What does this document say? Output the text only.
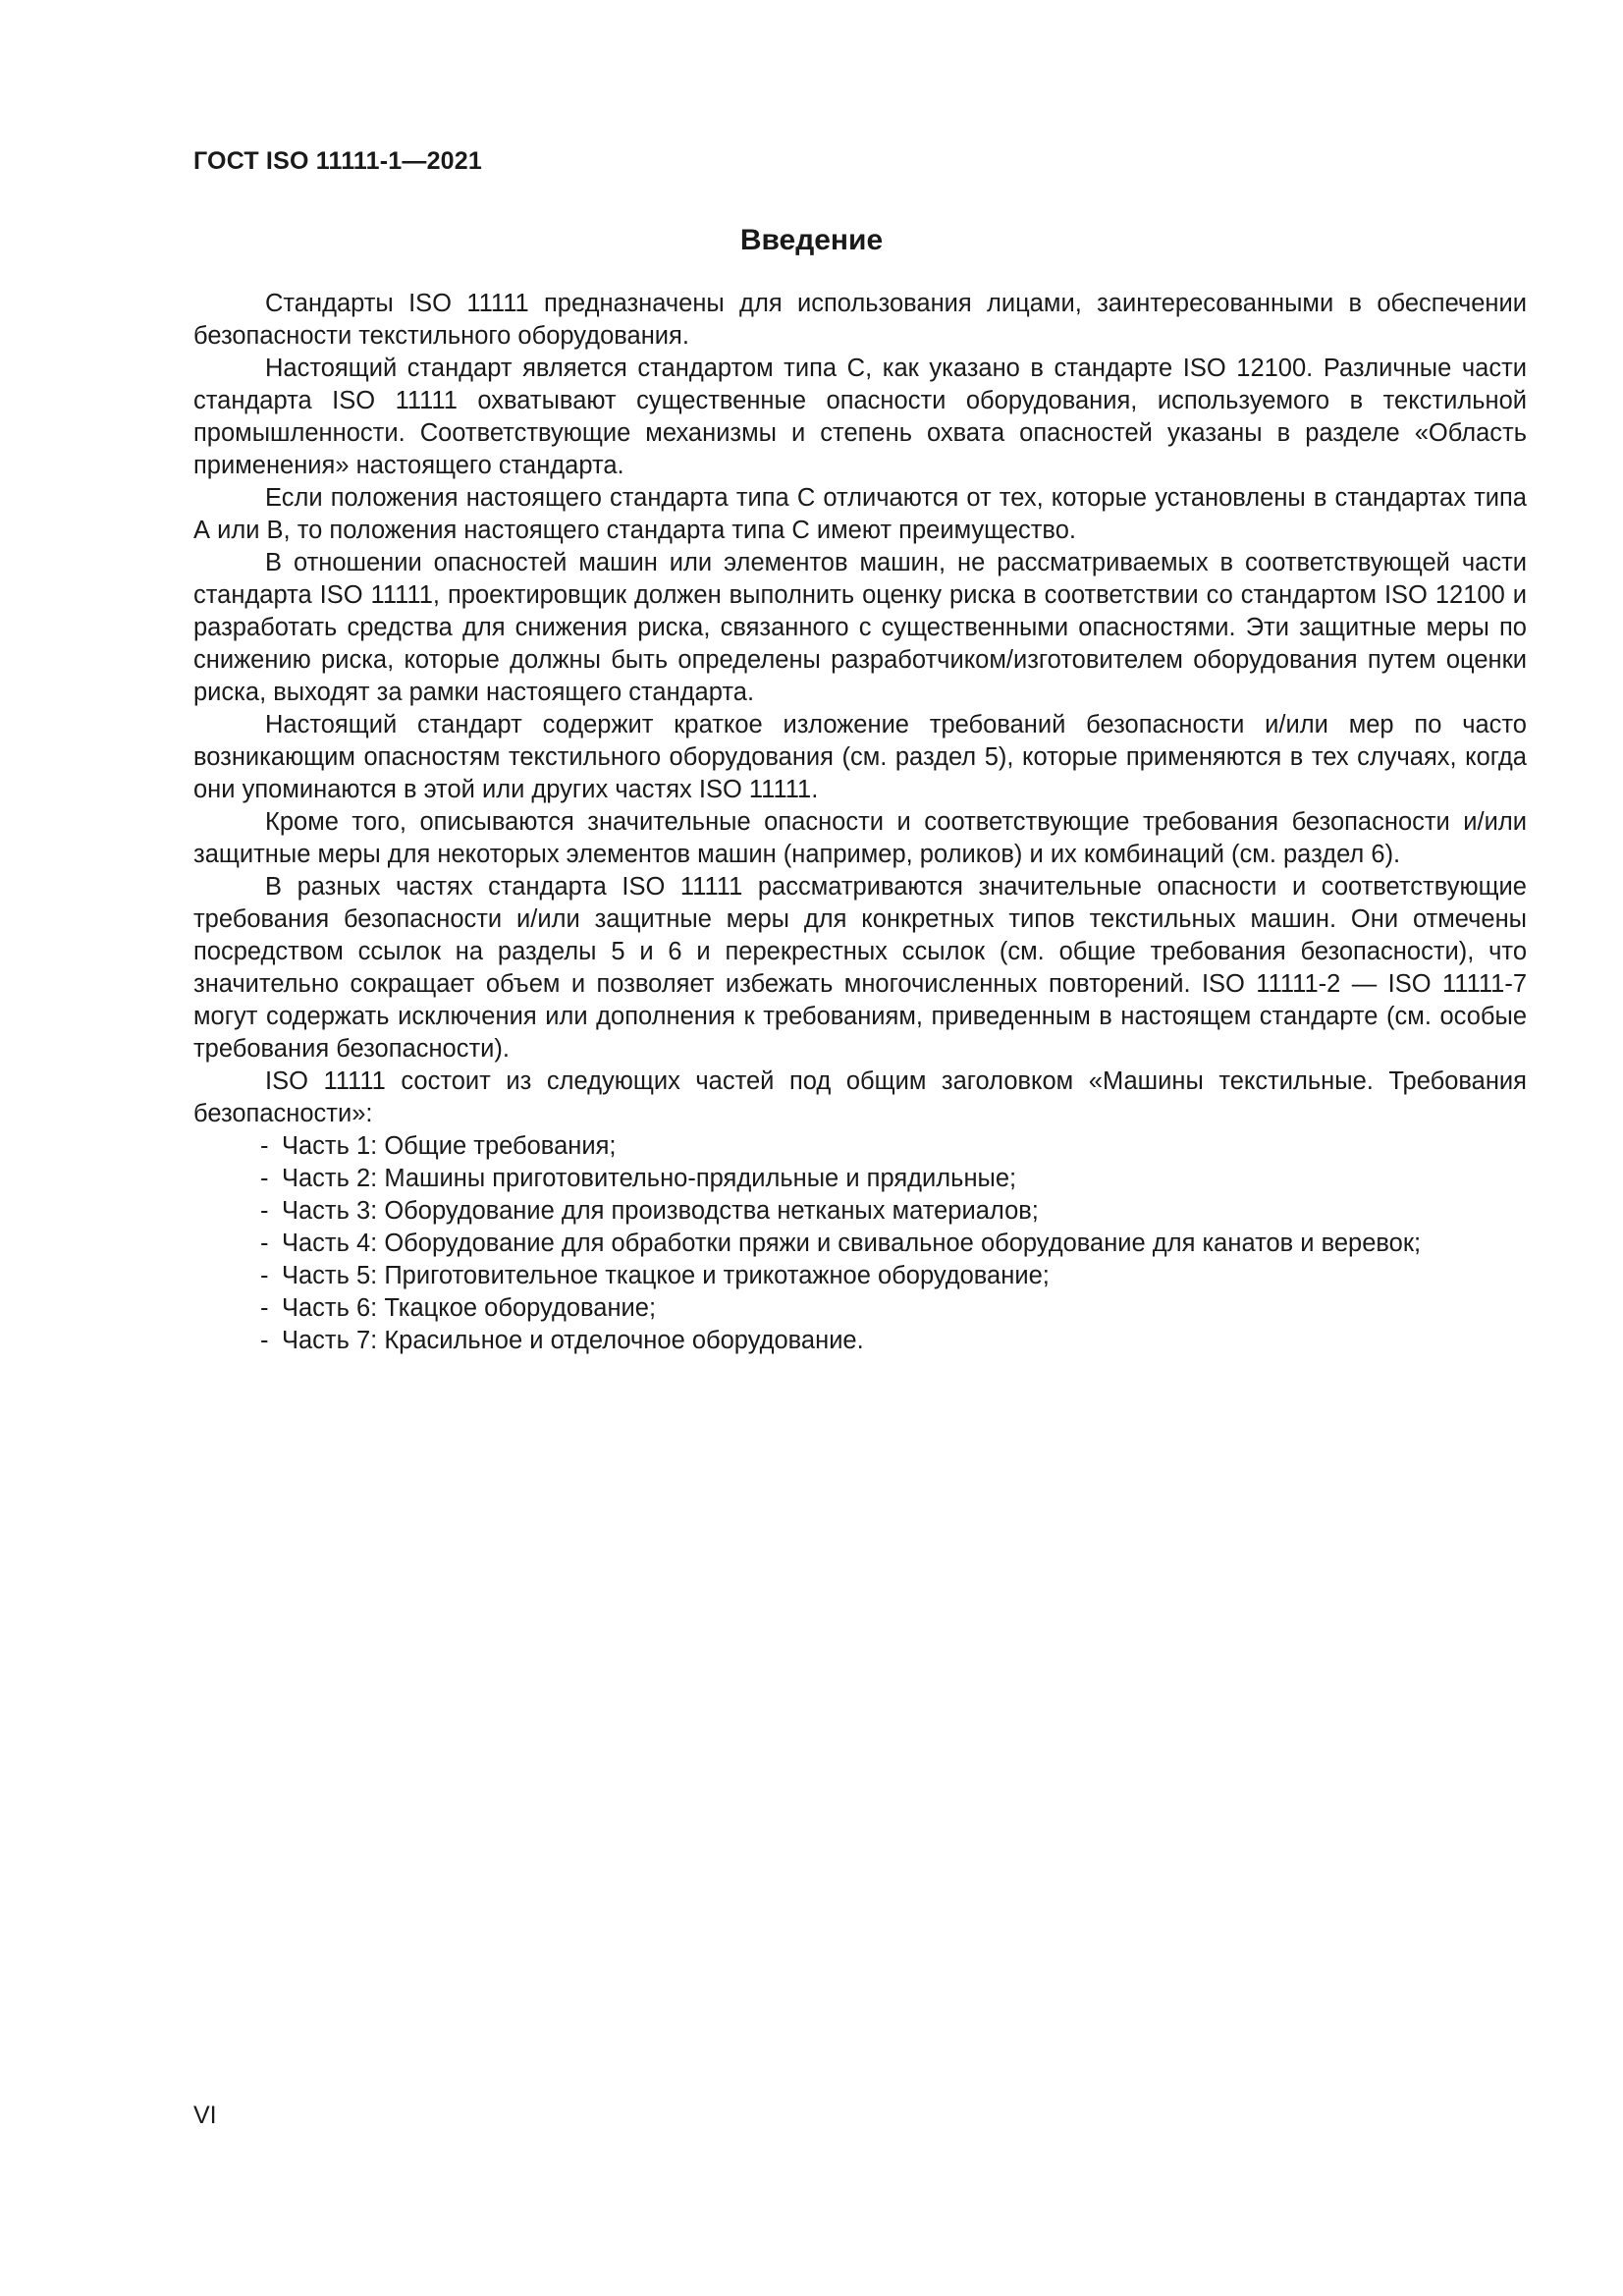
ГОСТ ISO 11111-1—2021
Введение

Стандарты ISO 11111 предназначены для использования лицами, заинтересованными в обеспечении безопасности текстильного оборудования.

Настоящий стандарт является стандартом типа С, как указано в стандарте ISO 12100. Различные части стандарта ISO 11111 охватывают существенные опасности оборудования, используемого в текстильной промышленности. Соответствующие механизмы и степень охвата опасностей указаны в разделе «Область применения» настоящего стандарта.

Если положения настоящего стандарта типа С отличаются от тех, которые установлены в стандартах типа А или В, то положения настоящего стандарта типа С имеют преимущество.

В отношении опасностей машин или элементов машин, не рассматриваемых в соответствующей части стандарта ISO 11111, проектировщик должен выполнить оценку риска в соответствии со стандартом ISO 12100 и разработать средства для снижения риска, связанного с существенными опасностями. Эти защитные меры по снижению риска, которые должны быть определены разработчиком/изготовителем оборудования путем оценки риска, выходят за рамки настоящего стандарта.

Настоящий стандарт содержит краткое изложение требований безопасности и/или мер по часто возникающим опасностям текстильного оборудования (см. раздел 5), которые применяются в тех случаях, когда они упоминаются в этой или других частях ISO 11111.

Кроме того, описываются значительные опасности и соответствующие требования безопасности и/или защитные меры для некоторых элементов машин (например, роликов) и их комбинаций (см. раздел 6).

В разных частях стандарта ISO 11111 рассматриваются значительные опасности и соответствующие требования безопасности и/или защитные меры для конкретных типов текстильных машин. Они отмечены посредством ссылок на разделы 5 и 6 и перекрестных ссылок (см. общие требования безопасности), что значительно сокращает объем и позволяет избежать многочисленных повторений. ISO 11111-2 — ISO 11111-7 могут содержать исключения или дополнения к требованиям, приведенным в настоящем стандарте (см. особые требования безопасности).

ISO 11111 состоит из следующих частей под общим заголовком «Машины текстильные. Требования безопасности»:

- Часть 1: Общие требования;
- Часть 2: Машины приготовительно-прядильные и прядильные;
- Часть 3: Оборудование для производства нетканых материалов;
- Часть 4: Оборудование для обработки пряжи и свивальное оборудование для канатов и веревок;
- Часть 5: Приготовительное ткацкое и трикотажное оборудование;
- Часть 6: Ткацкое оборудование;
- Часть 7: Красильное и отделочное оборудование.
VI
